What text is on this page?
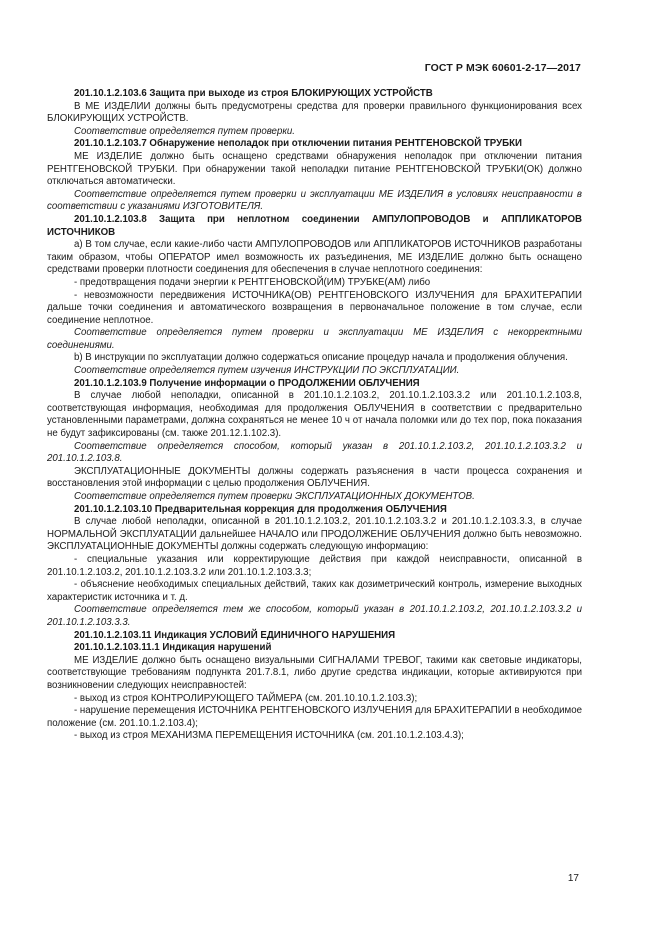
ГОСТ Р МЭК 60601-2-17—2017

201.10.1.2.103.6 Защита при выходе из строя БЛОКИРУЮЩИХ УСТРОЙСТВ

В МЕ ИЗДЕЛИИ должны быть предусмотрены средства для проверки правильного функционирования всех БЛОКИРУЮЩИХ УСТРОЙСТВ.

Соответствие определяется путем проверки.

201.10.1.2.103.7 Обнаружение неполадок при отключении питания РЕНТГЕНОВСКОЙ ТРУБКИ

МЕ ИЗДЕЛИЕ должно быть оснащено средствами обнаружения неполадок при отключении питания РЕНТГЕНОВСКОЙ ТРУБКИ. При обнаружении такой неполадки питание РЕНТГЕНОВСКОЙ ТРУБКИ(ОК) должно отключаться автоматически.

Соответствие определяется путем проверки и эксплуатации МЕ ИЗДЕЛИЯ в условиях неисправности в соответствии с указаниями ИЗГОТОВИТЕЛЯ.

201.10.1.2.103.8 Защита при неплотном соединении АМПУЛОПРОВОДОВ и АППЛИКАТОРОВ ИСТОЧНИКОВ

а) В том случае, если какие-либо части АМПУЛОПРОВОДОВ или АППЛИКАТОРОВ ИСТОЧНИКОВ разработаны таким образом, чтобы ОПЕРАТОР имел возможность их разъединения, МЕ ИЗДЕЛИЕ должно быть оснащено средствами проверки плотности соединения для обеспечения в случае неплотного соединения:

- предотвращения подачи энергии к РЕНТГЕНОВСКОЙ(ИМ) ТРУБКЕ(АМ) либо

- невозможности передвижения ИСТОЧНИКА(ОВ) РЕНТГЕНОВСКОГО ИЗЛУЧЕНИЯ для БРАХИТЕРАПИИ дальше точки соединения и автоматического возвращения в первоначальное положение в том случае, если соединение неплотное.

Соответствие определяется путем проверки и эксплуатации МЕ ИЗДЕЛИЯ с некорректными соединениями.

b) В инструкции по эксплуатации должно содержаться описание процедур начала и продолжения облучения.

Соответствие определяется путем изучения ИНСТРУКЦИИ ПО ЭКСПЛУАТАЦИИ.

201.10.1.2.103.9 Получение информации о ПРОДОЛЖЕНИИ ОБЛУЧЕНИЯ

В случае любой неполадки, описанной в 201.10.1.2.103.2, 201.10.1.2.103.3.2 или 201.10.1.2.103.8, соответствующая информация, необходимая для продолжения ОБЛУЧЕНИЯ в соответствии с предварительно установленными параметрами, должна сохраняться не менее 10 ч от начала поломки или до тех пор, пока показания не будут зафиксированы (см. также 201.12.1.102.3).

Соответствие определяется способом, который указан в 201.10.1.2.103.2, 201.10.1.2.103.3.2 и 201.10.1.2.103.8.

ЭКСПЛУАТАЦИОННЫЕ ДОКУМЕНТЫ должны содержать разъяснения в части процесса сохранения и восстановления этой информации с целью продолжения ОБЛУЧЕНИЯ.

Соответствие определяется путем проверки ЭКСПЛУАТАЦИОННЫХ ДОКУМЕНТОВ.

201.10.1.2.103.10 Предварительная коррекция для продолжения ОБЛУЧЕНИЯ

В случае любой неполадки, описанной в 201.10.1.2.103.2, 201.10.1.2.103.3.2 и 201.10.1.2.103.3.3, в случае НОРМАЛЬНОЙ ЭКСПЛУАТАЦИИ дальнейшее НАЧАЛО или ПРОДОЛЖЕНИЕ ОБЛУЧЕНИЯ должно быть невозможно. ЭКСПЛУАТАЦИОННЫЕ ДОКУМЕНТЫ должны содержать следующую информацию:

- специальные указания или корректирующие действия при каждой неисправности, описанной в 201.10.1.2.103.2, 201.10.1.2.103.3.2 или 201.10.1.2.103.3.3;

- объяснение необходимых специальных действий, таких как дозиметрический контроль, измерение выходных характеристик источника и т. д.

Соответствие определяется тем же способом, который указан в 201.10.1.2.103.2, 201.10.1.2.103.3.2 и 201.10.1.2.103.3.3.

201.10.1.2.103.11 Индикация УСЛОВИЙ ЕДИНИЧНОГО НАРУШЕНИЯ

201.10.1.2.103.11.1 Индикация нарушений

МЕ ИЗДЕЛИЕ должно быть оснащено визуальными СИГНАЛАМИ ТРЕВОГ, такими как световые индикаторы, соответствующие требованиям подпункта 201.7.8.1, либо другие средства индикации, которые активируются при возникновении следующих неисправностей:

- выход из строя КОНТРОЛИРУЮЩЕГО ТАЙМЕРА (см. 201.10.10.1.2.103.3);

- нарушение перемещения ИСТОЧНИКА РЕНТГЕНОВСКОГО ИЗЛУЧЕНИЯ для БРАХИТЕРАПИИ в необходимое положение (см. 201.10.1.2.103.4);

- выход из строя МЕХАНИЗМА ПЕРЕМЕЩЕНИЯ ИСТОЧНИКА (см. 201.10.1.2.103.4.3);

17
